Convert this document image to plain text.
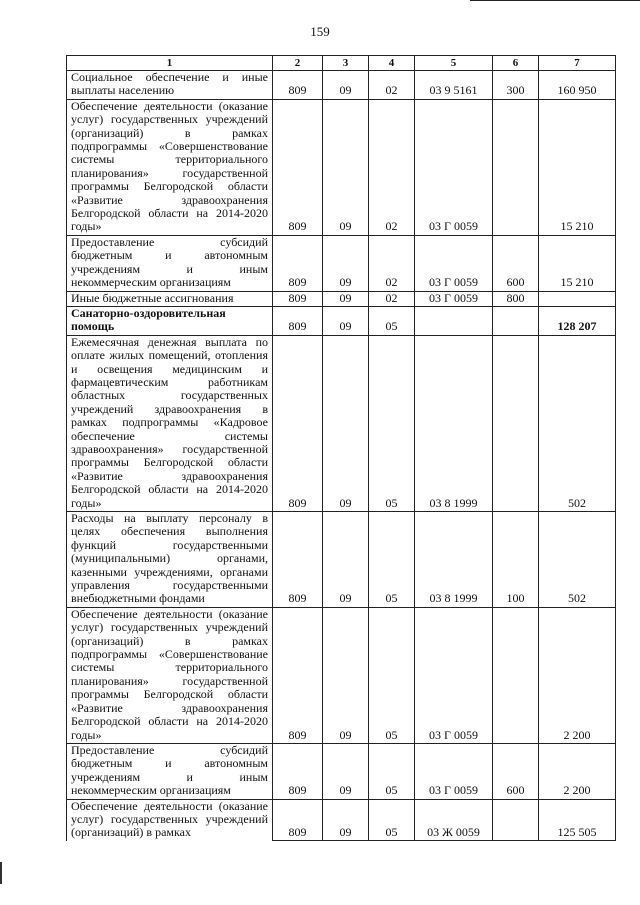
159
1	2	3	4	5	6	7
Социальное обеспечение и иные выплаты населению	809	09	02	03 9 5161	300	160 950
Обеспечение деятельности (оказание услуг) государственных учреждений (организаций) в рамках подпрограммы «Совершенствование системы территориального планирования» государственной программы Белгородской области «Развитие здравоохранения Белгородской области на 2014-2020 годы»	809	09	02	03 Г 0059		15 210
Предоставление субсидий бюджетным и автономным учреждениям и иным некоммерческим организациям	809	09	02	03 Г 0059	600	15 210
Иные бюджетные ассигнования	809	09	02	03 Г 0059	800	
Санаторно-оздоровительная помощь	809	09	05			128 207
Ежемесячная денежная выплата по оплате жилых помещений, отопления и освещения медицинским и фармацевтическим работникам областных государственных учреждений здравоохранения в рамках подпрограммы «Кадровое обеспечение системы здравоохранения» государственной программы Белгородской области «Развитие здравоохранения Белгородской области на 2014-2020 годы»	809	09	05	03 8 1999		502
Расходы на выплату персоналу в целях обеспечения выполнения функций государственными (муниципальными) органами, казенными учреждениями, органами управления государственными внебюджетными фондами	809	09	05	03 8 1999	100	502
Обеспечение деятельности (оказание услуг) государственных учреждений (организаций) в рамках подпрограммы «Совершенствование системы территориального планирования» государственной программы Белгородской области «Развитие здравоохранения Белгородской области на 2014-2020 годы»	809	09	05	03 Г 0059		2 200
Предоставление субсидий бюджетным и автономным учреждениям и иным некоммерческим организациям	809	09	05	03 Г 0059	600	2 200
Обеспечение деятельности (оказание услуг) государственных учреждений (организаций) в рамках	809	09	05	03 Ж 0059		125 505
